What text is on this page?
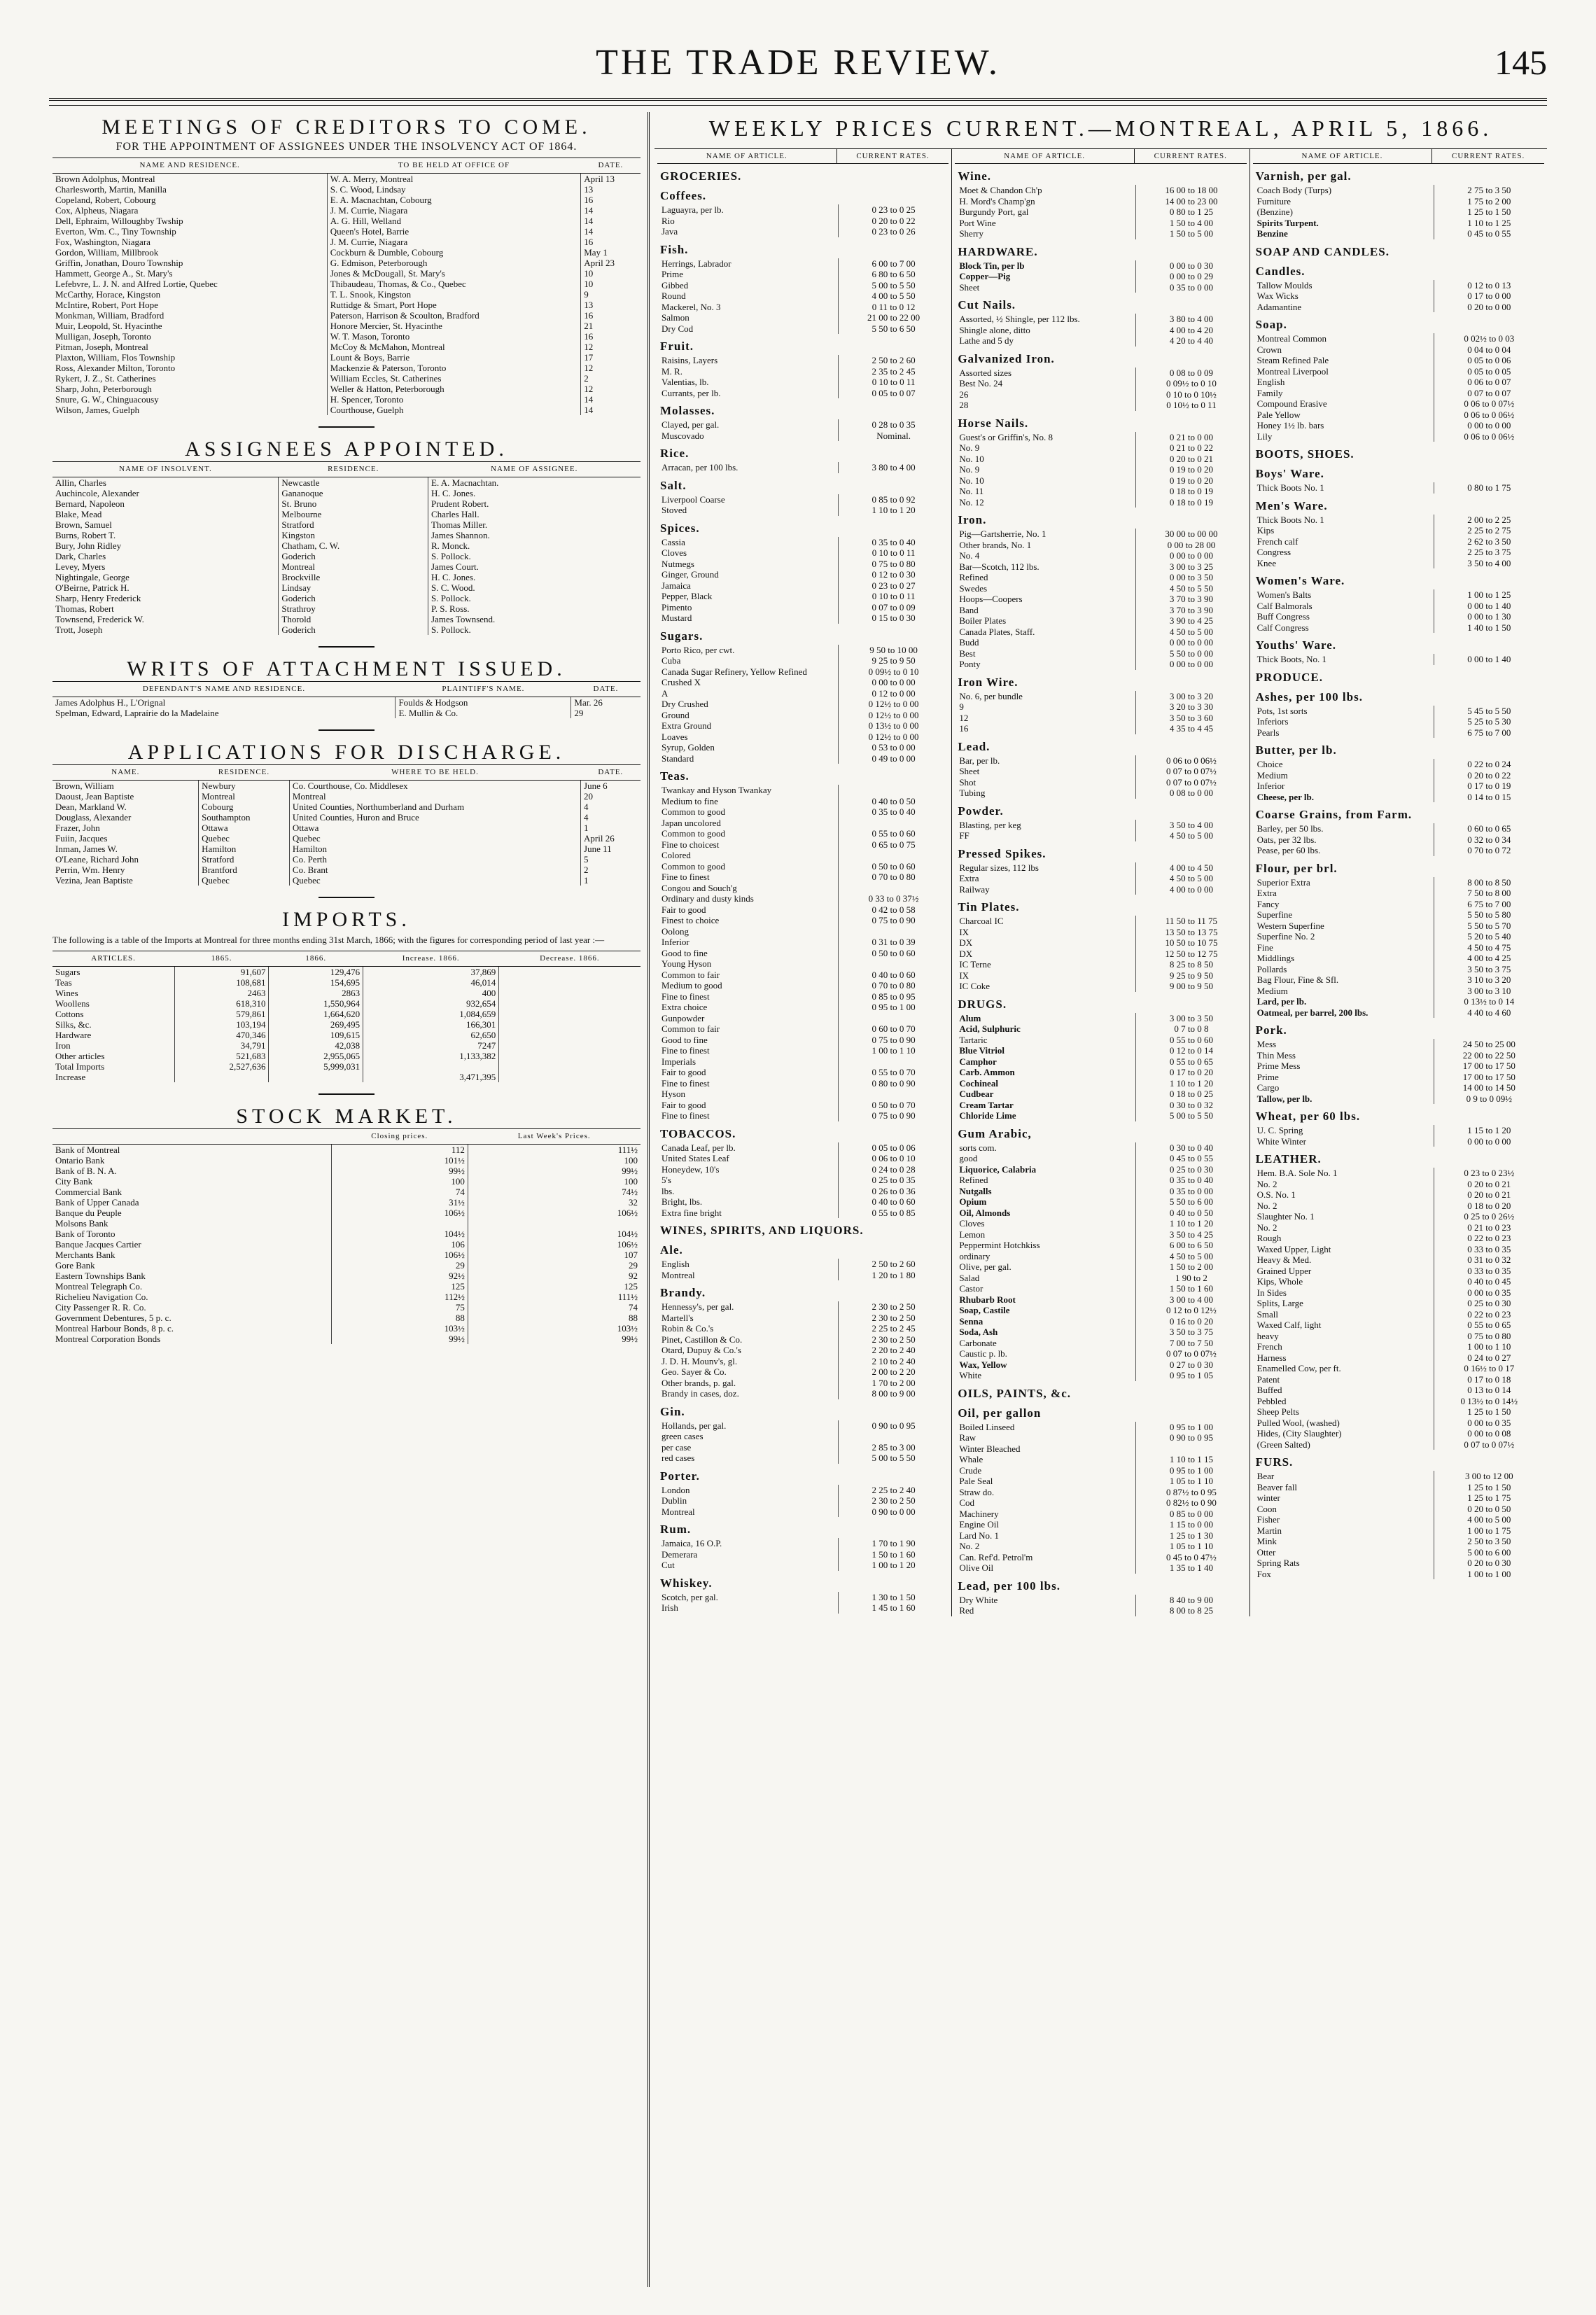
THE TRADE REVIEW.	145
MEETINGS OF CREDITORS TO COME.
FOR THE APPOINTMENT OF ASSIGNEES UNDER THE INSOLVENCY ACT OF 1864.
NAME AND RESIDENCE.	TO BE HELD AT OFFICE OF	DATE.
Brown Adolphus, Montreal	W. A. Merry, Montreal	April 13
Charlesworth, Martin, Manilla	S. C. Wood, Lindsay	13
Copeland, Robert, Cobourg	E. A. Macnachtan, Cobourg	16
Cox, Alpheus, Niagara	J. M. Currie, Niagara	14
Dell, Ephraim, Willoughby Twship	A. G. Hill, Welland	14
Everton, Wm. C., Tiny Township	Queen's Hotel, Barrie	14
Fox, Washington, Niagara	J. M. Currie, Niagara	16
Gordon, William, Millbrook	Cockburn & Dumble, Cobourg	May 1
Griffin, Jonathan, Douro Township	G. Edmison, Peterborough	April 23
Hammett, George A., St. Mary's	Jones & McDougall, St. Mary's	10
Lefebvre, L. J. N. and Alfred Lortie, Quebec	Thibaudeau, Thomas, & Co., Quebec	10
McCarthy, Horace, Kingston	T. L. Snook, Kingston	9
McIntire, Robert, Port Hope	Ruttidge & Smart, Port Hope	13
Monkman, William, Bradford	Paterson, Harrison & Scoulton, Bradford	16
Muir, Leopold, St. Hyacinthe	Honore Mercier, St. Hyacinthe	21
Mulligan, Joseph, Toronto	W. T. Mason, Toronto	16
Pitman, Joseph, Montreal	McCoy & McMahon, Montreal	12
Plaxton, William, Flos Township	Lount & Boys, Barrie	17
Ross, Alexander Milton, Toronto	Mackenzie & Paterson, Toronto	12
Rykert, J. Z., St. Catherines	William Eccles, St. Catherines	2
Sharp, John, Peterborough	Weller & Hatton, Peterborough	12
Snure, G. W., Chinguacousy	H. Spencer, Toronto	14
Wilson, James, Guelph	Courthouse, Guelph	14
ASSIGNEES APPOINTED.
NAME OF INSOLVENT.	RESIDENCE.	NAME OF ASSIGNEE.
Allin, Charles	Newcastle	E. A. Macnachtan.
Auchincole, Alexander	Gananoque	H. C. Jones.
Bernard, Napoleon	St. Bruno	Prudent Robert.
Blake, Mead	Melbourne	Charles Hall.
Brown, Samuel	Stratford	Thomas Miller.
Burns, Robert T.	Kingston	James Shannon.
Bury, John Ridley	Chatham, C. W.	R. Monck.
Dark, Charles	Goderich	S. Pollock.
Levey, Myers	Montreal	James Court.
Nightingale, George	Brockville	H. C. Jones.
O'Beirne, Patrick H.	Lindsay	S. C. Wood.
Sharp, Henry Frederick	Goderich	S. Pollock.
Thomas, Robert	Strathroy	P. S. Ross.
Townsend, Frederick W.	Thorold	James Townsend.
Trott, Joseph	Goderich	S. Pollock.
WRITS OF ATTACHMENT ISSUED.
DEFENDANT'S NAME AND RESIDENCE.	PLAINTIFF'S NAME.	DATE.
James Adolphus H., L'Orignal	Foulds & Hodgson	Mar. 26
Spelman, Edward, Lapraírie do la Madelaine	E. Mullin & Co.	29
APPLICATIONS FOR DISCHARGE.
NAME.	RESIDENCE.	WHERE TO BE HELD.	DATE.
Brown, William	Newbury	Co. Courthouse, Co. Middlesex	June 6
Daoust, Jean Baptiste	Montreal	Montreal	20
Dean, Markland W.	Cobourg	United Counties, Northumberland and Durham	4
Douglass, Alexander	Southampton	United Counties, Huron and Bruce	4
Frazer, John	Ottawa	Ottawa	1
Fuiin, Jacques	Quebec	Quebec	April 26
Inman, James W.	Hamilton	Hamilton	June 11
O'Leane, Richard John	Stratford	Co. Perth	5
Perrin, Wm. Henry	Brantford	Co. Brant	2
Vezina, Jean Baptiste	Quebec	Quebec	1
IMPORTS.
The following is a table of the Imports at Montreal for three months ending 31st March, 1866; with the figures for corresponding period of last year :—
ARTICLES.	1865.	1866.	Increase. 1866.	Decrease. 1866.
Sugars	91,607	129,476	37,869	
Teas	108,681	154,695	46,014	
Wines	2463	2863	400	
Woollens	618,310	1,550,964	932,654	
Cottons	579,861	1,664,620	1,084,659	
Silks, &c.	103,194	269,495	166,301	
Hardware	470,346	109,615	62,650	
Iron	34,791	42,038	7247	
Other articles	521,683	2,955,065	1,133,382	
Total Imports	2,527,636	5,999,031		
Increase			3,471,395	
STOCK MARKET.
	Closing prices.	Last Week's Prices.
Bank of Montreal	112	111½
Ontario Bank	101½	100
Bank of B. N. A.	99½	99½
City Bank	100	100
Commercial Bank	74	74½
Bank of Upper Canada	31½	32
Banque du Peuple	106½	106½
Molsons Bank		
Bank of Toronto	104½	104½
Banque Jacques Cartier	106	106½
Merchants Bank	106½	107
Gore Bank	29	29
Eastern Townships Bank	92½	92
Montreal Telegraph Co.	125	125
Richelieu Navigation Co.	112½	111½
City Passenger R. R. Co.	75	74
Government Debentures, 5 p. c.	88	88
Montreal Harbour Bonds, 8 p. c.	103½	103½
Montreal Corporation Bonds	99½	99½
WEEKLY PRICES CURRENT.—MONTREAL, APRIL 5, 1866.
NAME OF ARTICLE.	CURRENT RATES.
GROCERIES.
Coffees.
Laguayra, per lb.	0 23 to 0 25
Rio	0 20 to 0 22
Java	0 23 to 0 26
Fish.
Herrings, Labrador	6 00 to 7 00
Prime	6 80 to 6 50
Gibbed	5 00 to 5 50
Round	4 00 to 5 50
Mackerel, No. 3	0 11 to 0 12
Salmon	21 00 to 22 00
Dry Cod	5 50 to 6 50
Fruit.
Raisins, Layers	2 50 to 2 60
M. R.	2 35 to 2 45
Valentias, lb.	0 10 to 0 11
Currants, per lb.	0 05 to 0 07
Molasses.
Clayed, per gal.	0 28 to 0 35
Muscovado	Nominal.
Rice.
Arracan, per 100 lbs.	3 80 to 4 00
Salt.
Liverpool Coarse	0 85 to 0 92
Stoved	1 10 to 1 20
Spices.
Cassia	0 35 to 0 40
Cloves	0 10 to 0 11
Nutmegs	0 75 to 0 80
Ginger, Ground	0 12 to 0 30
Jamaica	0 23 to 0 27
Pepper, Black	0 10 to 0 11
Pimento	0 07 to 0 09
Mustard	0 15 to 0 30
Sugars.
Porto Rico, per cwt.	9 50 to 10 00
Cuba	9 25 to 9 50
Canada Sugar Refinery, Yellow Refined	0 09½ to 0 10
Crushed X	0 00 to 0 00
A	0 12 to 0 00
Dry Crushed	0 12½ to 0 00
Ground	0 12½ to 0 00
Extra Ground	0 13½ to 0 00
Loaves	0 12½ to 0 00
Syrup, Golden	0 53 to 0 00
Standard	0 49 to 0 00
Teas.
Twankay and Hyson Twankay
Medium to fine	0 40 to 0 50
Common to good	0 35 to 0 40
Japan uncolored
Common to good	0 55 to 0 60
Fine to choicest	0 65 to 0 75
Colored
Common to good	0 50 to 0 60
Fine to finest	0 70 to 0 80
Congou and Souch'g
Ordinary and dusty kinds	0 33 to 0 37½
Fair to good	0 42 to 0 58
Finest to choice	0 75 to 0 90
Oolong
Inferior	0 31 to 0 39
Good to fine	0 50 to 0 60
Young Hyson
Common to fair	0 40 to 0 60
Medium to good	0 70 to 0 80
Fine to finest	0 85 to 0 95
Extra choice	0 95 to 1 00
Gunpowder
Common to fair	0 60 to 0 70
Good to fine	0 75 to 0 90
Fine to finest	1 00 to 1 10
Imperials
Fair to good	0 55 to 0 70
Fine to finest	0 80 to 0 90
Hyson
Fair to good	0 50 to 0 70
Fine to finest	0 75 to 0 90
TOBACCOS.
Canada Leaf, per lb.	0 05 to 0 06
United States Leaf	0 06 to 0 10
Honeydew, 10's	0 24 to 0 28
5's	0 25 to 0 35
lbs.	0 26 to 0 36
Bright, lbs.	0 40 to 0 60
Extra fine bright	0 55 to 0 85
WINES, SPIRITS, AND LIQUORS.
Ale.
English	2 50 to 2 60
Montreal	1 20 to 1 80
Brandy.
Hennessy's, per gal.	2 30 to 2 50
Martell's	2 30 to 2 50
Robin & Co.'s	2 25 to 2 45
Pinet, Castillon & Co.	2 30 to 2 50
Otard, Dupuy & Co.'s	2 20 to 2 40
J. D. H. Mounv's, gl.	2 10 to 2 40
Geo. Sayer & Co.	2 00 to 2 20
Other brands, p. gal.	1 70 to 2 00
Brandy in cases, doz.	8 00 to 9 00
Gin.
Hollands, per gal.	0 90 to 0 95
green cases
per case	2 85 to 3 00
red cases	5 00 to 5 50
Porter.
London	2 25 to 2 40
Dublin	2 30 to 2 50
Montreal	0 90 to 0 00
Rum.
Jamaica, 16 O.P.	1 70 to 1 90
Demerara	1 50 to 1 60
Cut	1 00 to 1 20
Whiskey.
Scotch, per gal.	1 30 to 1 50
Irish	1 45 to 1 60
NAME OF ARTICLE.	CURRENT RATES.
Wine.
Moet & Chandon Ch'p	16 00 to 18 00
H. Mord's Champ'gn	14 00 to 23 00
Burgundy Port, gal	0 80 to 1 25
Port Wine	1 50 to 4 00
Sherry	1 50 to 5 00
HARDWARE.
Block Tin, per lb	0 00 to 0 30
Copper—Pig	0 00 to 0 29
Sheet	0 35 to 0 00
Cut Nails.
Assorted, ½ Shingle, per 112 lbs.	3 80 to 4 00
Shingle alone, ditto	4 00 to 4 20
Lathe and 5 dy	4 20 to 4 40
Galvanized Iron.
Assorted sizes	0 08 to 0 09
Best No. 24	0 09½ to 0 10
26	0 10 to 0 10½
28	0 10½ to 0 11
Horse Nails.
Guest's or Griffin's, No. 8	0 21 to 0 00
No. 9	0 21 to 0 22
No. 10	0 20 to 0 21
No. 9	0 19 to 0 20
No. 10	0 19 to 0 20
No. 11	0 18 to 0 19
No. 12	0 18 to 0 19
Iron.
Pig—Gartsherrie, No. 1	30 00 to 00 00
Other brands, No. 1	0 00 to 28 00
No. 4	0 00 to 0 00
Bar—Scotch, 112 lbs.	3 00 to 3 25
Refined	0 00 to 3 50
Swedes	4 50 to 5 50
Hoops—Coopers	3 70 to 3 90
Band	3 70 to 3 90
Boiler Plates	3 90 to 4 25
Canada Plates, Staff.	4 50 to 5 00
Budd	0 00 to 0 00
Best	5 50 to 0 00
Ponty	0 00 to 0 00
Iron Wire.
No. 6, per bundle	3 00 to 3 20
9	3 20 to 3 30
12	3 50 to 3 60
16	4 35 to 4 45
Lead.
Bar, per lb.	0 06 to 0 06½
Sheet	0 07 to 0 07½
Shot	0 07 to 0 07½
Tubing	0 08 to 0 00
Powder.
Blasting, per keg	3 50 to 4 00
FF	4 50 to 5 00
Pressed Spikes.
Regular sizes, 112 lbs	4 00 to 4 50
Extra	4 50 to 5 00
Railway	4 00 to 0 00
Tin Plates.
Charcoal IC	11 50 to 11 75
IX	13 50 to 13 75
DX	10 50 to 10 75
DX	12 50 to 12 75
IC Terne	8 25 to 8 50
IX	9 25 to 9 50
IC Coke	9 00 to 9 50
DRUGS.
Alum	3 00 to 3 50
Acid, Sulphuric	0 7 to 0 8
Tartaric	0 55 to 0 60
Blue Vitriol	0 12 to 0 14
Camphor	0 55 to 0 65
Carb. Ammon	0 17 to 0 20
Cochineal	1 10 to 1 20
Cudbear	0 18 to 0 25
Cream Tartar	0 30 to 0 32
Chloride Lime	5 00 to 5 50
Gum Arabic,
sorts com.	0 30 to 0 40
good	0 45 to 0 55
Liquorice, Calabria	0 25 to 0 30
Refined	0 35 to 0 40
Nutgalls	0 35 to 0 00
Opium	5 50 to 6 00
Oil, Almonds	0 40 to 0 50
Cloves	1 10 to 1 20
Lemon	3 50 to 4 25
Peppermint Hotchkiss	6 00 to 6 50
ordinary	4 50 to 5 00
Olive, per gal.	1 50 to 2 00
Salad	1 90 to 2
Castor	1 50 to 1 60
Rhubarb Root	3 00 to 4 00
Soap, Castile	0 12 to 0 12½
Senna	0 16 to 0 20
Soda, Ash	3 50 to 3 75
Carbonate	7 00 to 7 50
Caustic p. lb.	0 07 to 0 07½
Wax, Yellow	0 27 to 0 30
White	0 95 to 1 05
OILS, PAINTS, &c.
Oil, per gallon
Boiled Linseed	0 95 to 1 00
Raw	0 90 to 0 95
Winter Bleached
Whale	1 10 to 1 15
Crude	0 95 to 1 00
Pale Seal	1 05 to 1 10
Straw do.	0 87½ to 0 95
Cod	0 82½ to 0 90
Machinery	0 85 to 0 00
Engine Oil	1 15 to 0 00
Lard No. 1	1 25 to 1 30
No. 2	1 05 to 1 10
Can. Ref'd. Petrol'm	0 45 to 0 47½
Olive Oil	1 35 to 1 40
Lead, per 100 lbs.
Dry White	8 40 to 9 00
Red	8 00 to 8 25
NAME OF ARTICLE.	CURRENT RATES.
Varnish, per gal.
Coach Body (Turps)	2 75 to 3 50
Furniture	1 75 to 2 00
(Benzine)	1 25 to 1 50
Spirits Turpent.	1 10 to 1 25
Benzine	0 45 to 0 55
SOAP AND CANDLES.
Candles.
Tallow Moulds	0 12 to 0 13
Wax Wicks	0 17 to 0 00
Adamantine	0 20 to 0 00
Soap.
Montreal Common	0 02½ to 0 03
Crown	0 04 to 0 04
Steam Refined Pale	0 05 to 0 06
Montreal Liverpool	0 05 to 0 05
English	0 06 to 0 07
Family	0 07 to 0 07
Compound Erasive	0 06 to 0 07½
Pale Yellow	0 06 to 0 06½
Honey 1½ lb. bars	0 00 to 0 00
Lily	0 06 to 0 06½
BOOTS, SHOES.
Boys' Ware.
Thick Boots No. 1	0 80 to 1 75
Men's Ware.
Thick Boots No. 1	2 00 to 2 25
Kips	2 25 to 2 75
French calf	2 62 to 3 50
Congress	2 25 to 3 75
Knee	3 50 to 4 00
Women's Ware.
Women's Balts	1 00 to 1 25
Calf Balmorals	0 00 to 1 40
Buff Congress	0 00 to 1 30
Calf Congress	1 40 to 1 50
Youths' Ware.
Thick Boots, No. 1	0 00 to 1 40
PRODUCE.
Ashes, per 100 lbs.
Pots, 1st sorts	5 45 to 5 50
Inferiors	5 25 to 5 30
Pearls	6 75 to 7 00
Butter, per lb.
Choice	0 22 to 0 24
Medium	0 20 to 0 22
Inferior	0 17 to 0 19
Cheese, per lb.	0 14 to 0 15
Coarse Grains, from Farm.
Barley, per 50 lbs.	0 60 to 0 65
Oats, per 32 lbs.	0 32 to 0 34
Pease, per 60 lbs.	0 70 to 0 72
Flour, per brl.
Superior Extra	8 00 to 8 50
Extra	7 50 to 8 00
Fancy	6 75 to 7 00
Superfine	5 50 to 5 80
Western Superfine	5 50 to 5 70
Superfine No. 2	5 20 to 5 40
Fine	4 50 to 4 75
Middlings	4 00 to 4 25
Pollards	3 50 to 3 75
Bag Flour, Fine & Sfl.	3 10 to 3 20
Medium	3 00 to 3 10
Lard, per lb.	0 13½ to 0 14
Oatmeal, per barrel, 200 lbs.	4 40 to 4 60
Pork.
Mess	24 50 to 25 00
Thin Mess	22 00 to 22 50
Prime Mess	17 00 to 17 50
Prime	17 00 to 17 50
Cargo	14 00 to 14 50
Tallow, per lb.	0 9 to 0 09½
Wheat, per 60 lbs.
U. C. Spring	1 15 to 1 20
White Winter	0 00 to 0 00
LEATHER.
Hem. B.A. Sole No. 1	0 23 to 0 23½
No. 2	0 20 to 0 21
O.S. No. 1	0 20 to 0 21
No. 2	0 18 to 0 20
Slaughter No. 1	0 25 to 0 26½
No. 2	0 21 to 0 23
Rough	0 22 to 0 23
Waxed Upper, Light	0 33 to 0 35
Heavy & Med.	0 31 to 0 32
Grained Upper	0 33 to 0 35
Kips, Whole	0 40 to 0 45
In Sides	0 00 to 0 35
Splits, Large	0 25 to 0 30
Small	0 22 to 0 23
Waxed Calf, light	0 55 to 0 65
heavy	0 75 to 0 80
French	1 00 to 1 10
Harness	0 24 to 0 27
Enamelled Cow, per ft.	0 16½ to 0 17
Patent	0 17 to 0 18
Buffed	0 13 to 0 14
Pebbled	0 13½ to 0 14½
Sheep Pelts	1 25 to 1 50
Pulled Wool, (washed)	0 00 to 0 35
Hides, (City Slaughter)	0 00 to 0 08
(Green Salted)	0 07 to 0 07½
FURS.
Bear	3 00 to 12 00
Beaver fall	1 25 to 1 50
winter	1 25 to 1 75
Coon	0 20 to 0 50
Fisher	4 00 to 5 00
Martin	1 00 to 1 75
Mink	2 50 to 3 50
Otter	5 00 to 6 00
Spring Rats	0 20 to 0 30
Fox	1 00 to 1 00
